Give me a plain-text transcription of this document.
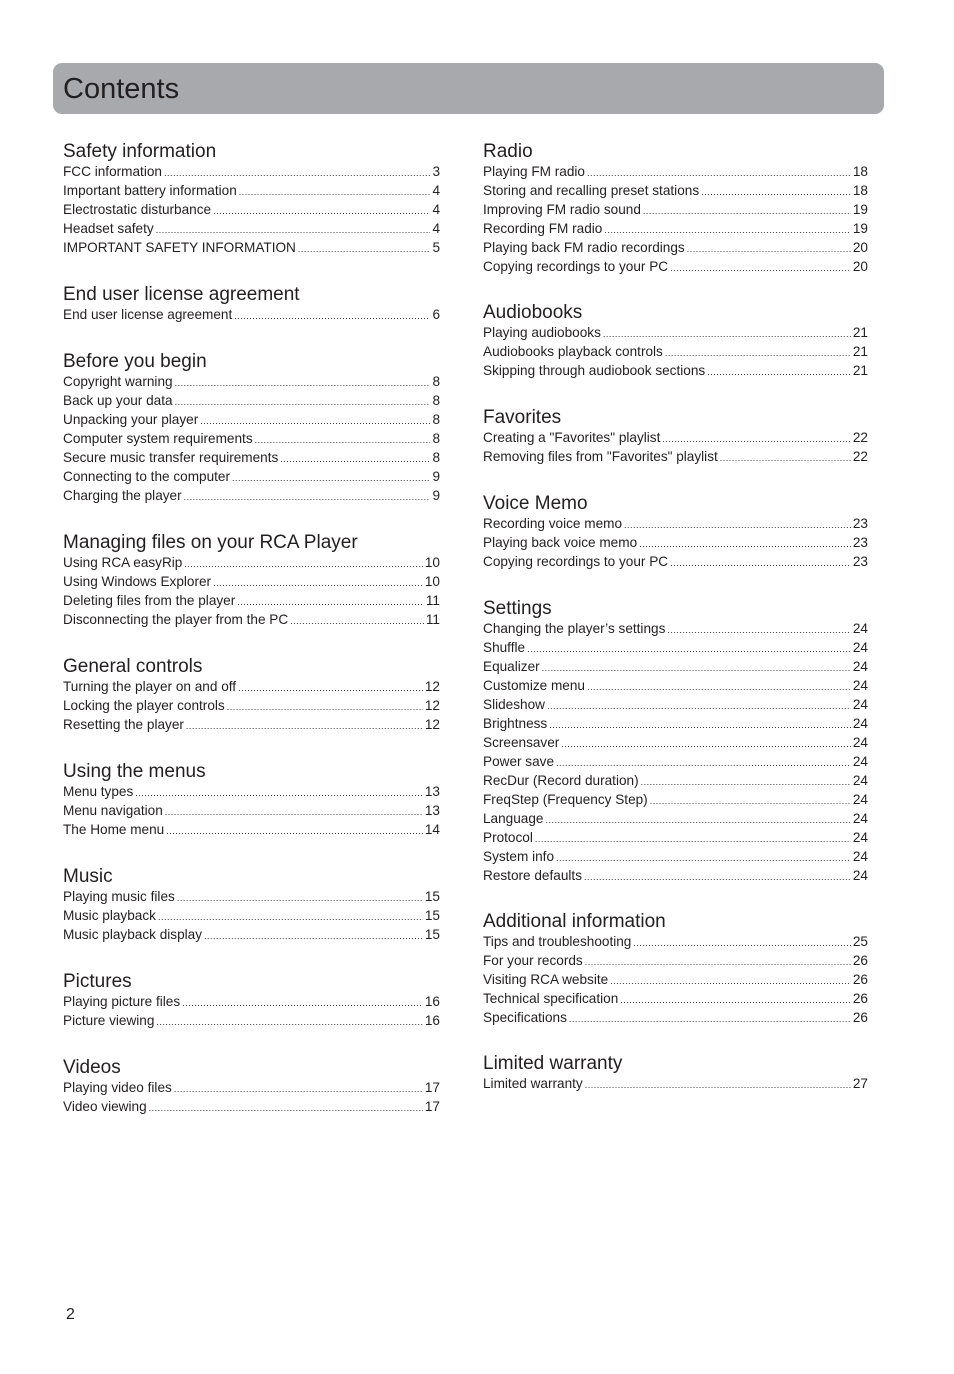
Contents
Safety information
FCC information .....	3
Important battery information .....	4
Electrostatic disturbance .....	4
Headset safety .....	4
IMPORTANT SAFETY INFORMATION .....	5
End user license agreement
End user license agreement .....	6
Before you begin
Copyright warning .....	8
Back up your data .....	8
Unpacking your player .....	8
Computer system requirements .....	8
Secure music transfer requirements .....	8
Connecting to the computer .....	9
Charging the player .....	9
Managing files on your RCA Player
Using RCA easyRip .....	10
Using Windows Explorer .....	10
Deleting files from the player .....	11
Disconnecting the player from the PC .....	11
General controls
Turning the player on and off .....	12
Locking the player controls .....	12
Resetting the player .....	12
Using the menus
Menu types .....	13
Menu navigation .....	13
The Home menu .....	14
Music
Playing music files .....	15
Music playback .....	15
Music playback display .....	15
Pictures
Playing picture files .....	16
Picture viewing .....	16
Videos
Playing video files .....	17
Video viewing .....	17
Radio
Playing FM radio .....	18
Storing and recalling preset stations .....	18
Improving FM radio sound .....	19
Recording FM radio .....	19
Playing back FM radio recordings .....	20
Copying recordings to your PC .....	20
Audiobooks
Playing audiobooks .....	21
Audiobooks playback controls .....	21
Skipping through audiobook sections .....	21
Favorites
Creating a "Favorites" playlist .....	22
Removing files from "Favorites" playlist .....	22
Voice Memo
Recording voice memo .....	23
Playing back voice memo .....	23
Copying recordings to your PC .....	23
Settings
Changing the player’s settings .....	24
Shuffle .....	24
Equalizer .....	24
Customize menu .....	24
Slideshow .....	24
Brightness .....	24
Screensaver .....	24
Power save .....	24
RecDur (Record duration) .....	24
FreqStep (Frequency Step) .....	24
Language .....	24
Protocol .....	24
System info .....	24
Restore defaults .....	24
Additional information
Tips and troubleshooting .....	25
For your records .....	26
Visiting RCA website .....	26
Technical specification .....	26
Specifications .....	26
Limited warranty
Limited warranty .....	27
2
